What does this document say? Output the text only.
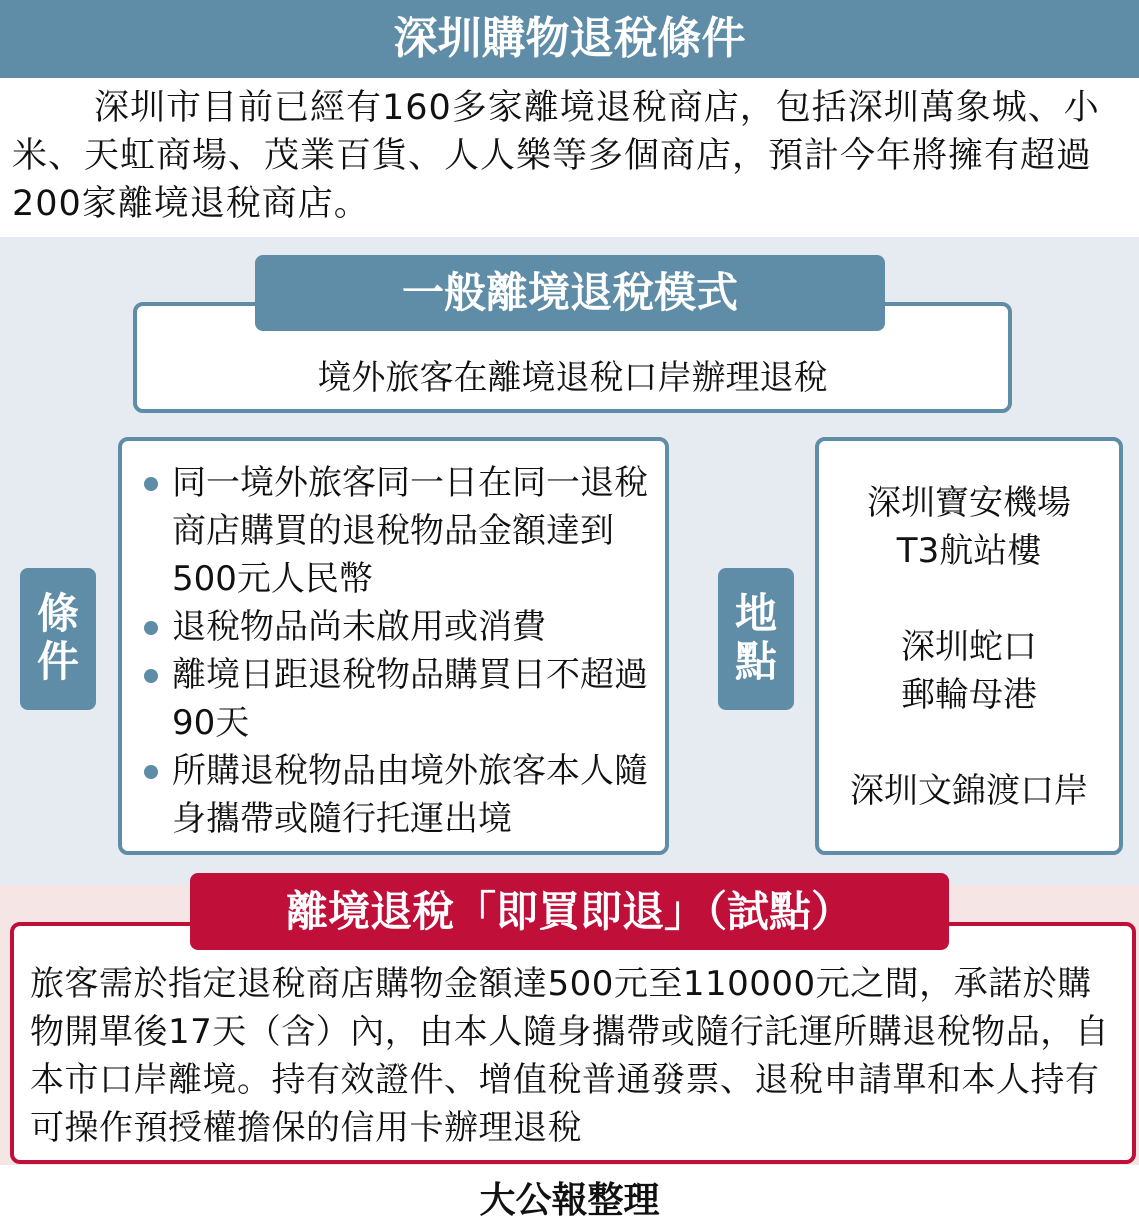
深圳購物退稅條件
深圳市目前已經有160多家離境退稅商店，包括深圳萬象城、小米、天虹商場、茂業百貨、人人樂等多個商店，預計今年將擁有超過200家離境退稅商店。
一般離境退稅模式
境外旅客在離境退稅口岸辦理退稅
條件
同一境外旅客同一日在同一退稅商店購買的退稅物品金額達到500元人民幣
退稅物品尚未啟用或消費
離境日距退稅物品購買日不超過90天
所購退稅物品由境外旅客本人隨身攜帶或隨行托運出境
地點
深圳寶安機場T3航站樓
深圳蛇口郵輪母港
深圳文錦渡口岸
離境退稅「即買即退」（試點）
旅客需於指定退稅商店購物金額達500元至110000元之間，承諾於購物開單後17天（含）內，由本人隨身攜帶或隨行託運所購退稅物品，自本市口岸離境。持有效證件、增值稅普通發票、退稅申請單和本人持有可操作預授權擔保的信用卡辦理退稅
大公報整理
